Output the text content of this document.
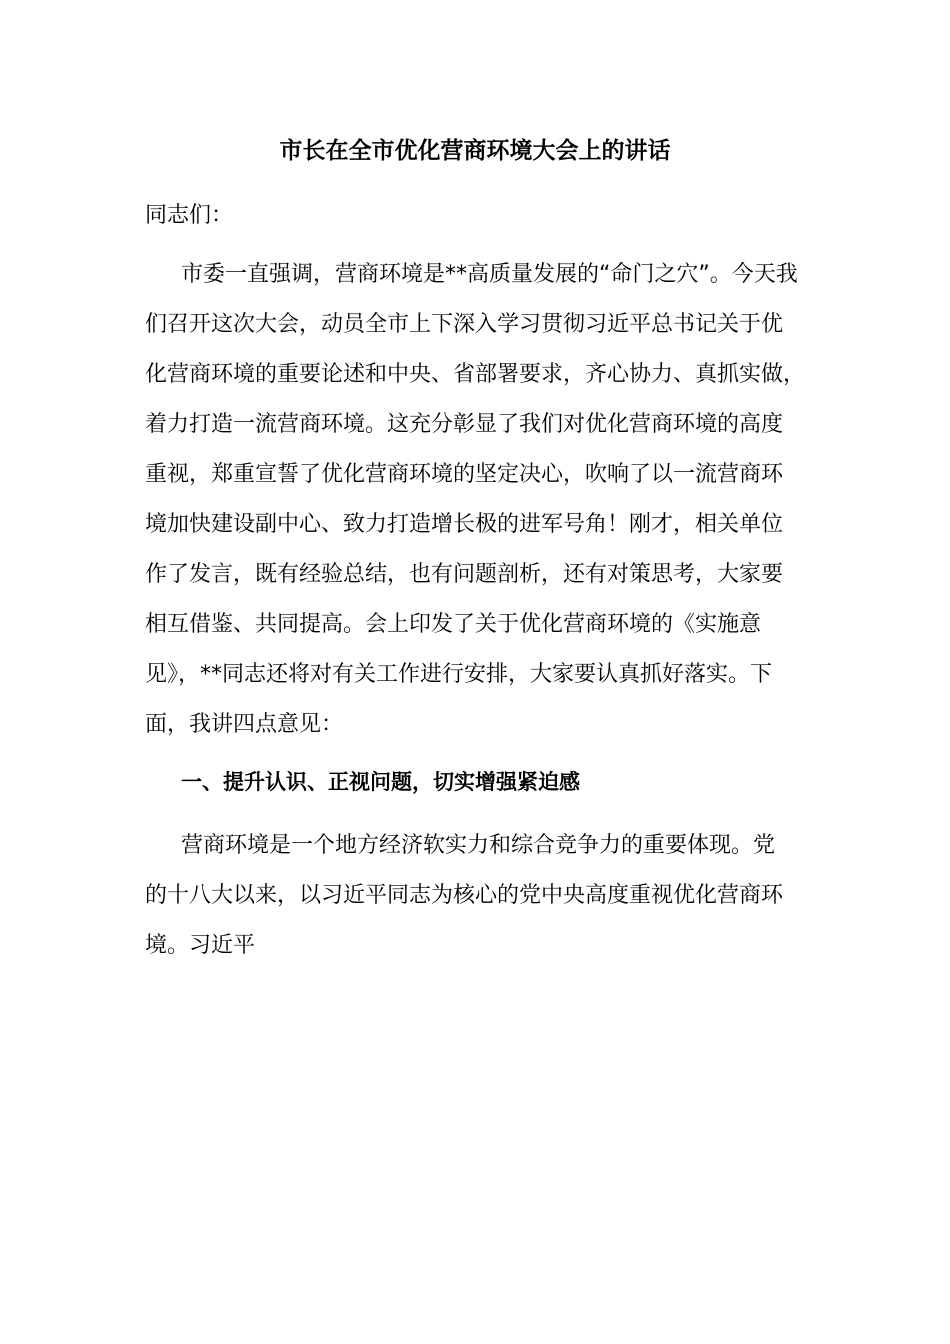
市长在全市优化营商环境大会上的讲话
同志们：
市委一直强调，营商环境是**高质量发展的“命门之穴”。今天我
们召开这次大会，动员全市上下深入学习贯彻习近平总书记关于优
化营商环境的重要论述和中央、省部署要求，齐心协力、真抓实做，
着力打造一流营商环境。这充分彰显了我们对优化营商环境的高度
重视，郑重宣誓了优化营商环境的坚定决心，吹响了以一流营商环
境加快建设副中心、致力打造增长极的进军号角！刚才，相关单位
作了发言，既有经验总结，也有问题剖析，还有对策思考，大家要
相互借鉴、共同提高。会上印发了关于优化营商环境的《实施意
见》，**同志还将对有关工作进行安排，大家要认真抓好落实。下
面，我讲四点意见：
一、提升认识、正视问题，切实增强紧迫感
营商环境是一个地方经济软实力和综合竞争力的重要体现。党
的十八大以来，以习近平同志为核心的党中央高度重视优化营商环
境。习近平
